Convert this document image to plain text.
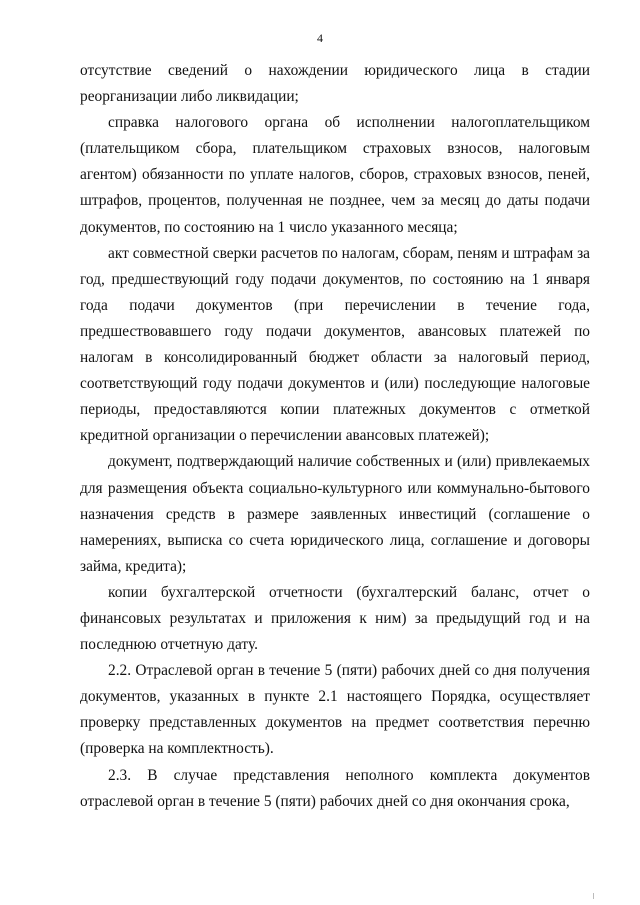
4

отсутствие сведений о нахождении юридического лица в стадии реорганизации либо ликвидации;

справка налогового органа об исполнении налогоплательщиком (плательщиком сбора, плательщиком страховых взносов, налоговым агентом) обязанности по уплате налогов, сборов, страховых взносов, пеней, штрафов, процентов, полученная не позднее, чем за месяц до даты подачи документов, по состоянию на 1 число указанного месяца;

акт совместной сверки расчетов по налогам, сборам, пеням и штрафам за год, предшествующий году подачи документов, по состоянию на 1 января года подачи документов (при перечислении в течение года, предшествовавшего году подачи документов, авансовых платежей по налогам в консолидированный бюджет области за налоговый период, соответствующий году подачи документов и (или) последующие налоговые периоды, предоставляются копии платежных документов с отметкой кредитной организации о перечислении авансовых платежей);

документ, подтверждающий наличие собственных и (или) привлекаемых для размещения объекта социально-культурного или коммунально-бытового назначения средств в размере заявленных инвестиций (соглашение о намерениях, выписка со счета юридического лица, соглашение и договоры займа, кредита);

копии бухгалтерской отчетности (бухгалтерский баланс, отчет о финансовых результатах и приложения к ним) за предыдущий год и на последнюю отчетную дату.

2.2. Отраслевой орган в течение 5 (пяти) рабочих дней со дня получения документов, указанных в пункте 2.1 настоящего Порядка, осуществляет проверку представленных документов на предмет соответствия перечню (проверка на комплектность).

2.3. В случае представления неполного комплекта документов отраслевой орган в течение 5 (пяти) рабочих дней со дня окончания срока,
